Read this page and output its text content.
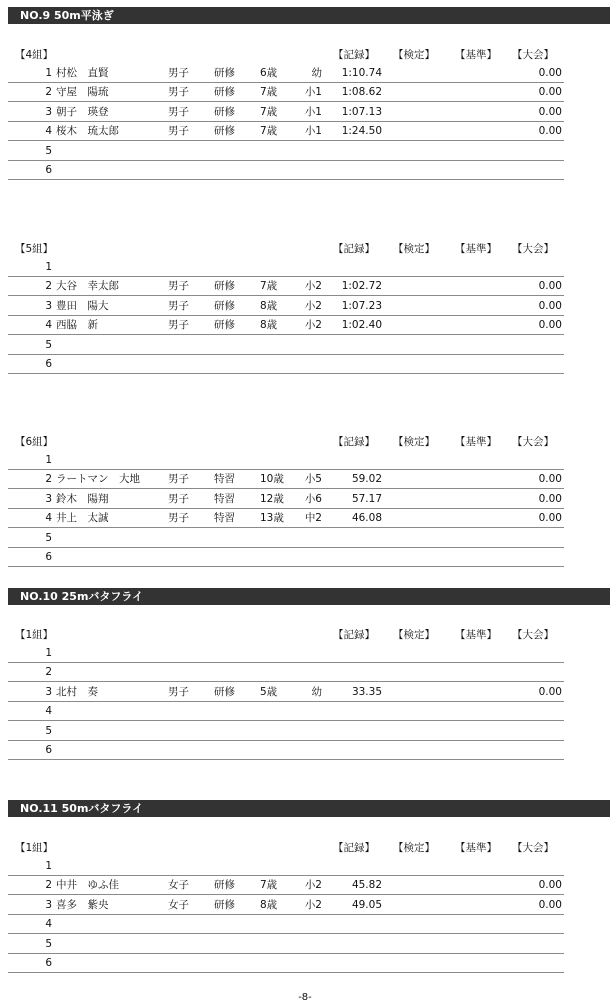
NO.9 50m平泳ぎ
【4組】	【記録】 【検定】 【基準】 【大会】
1 村松　直賢	男子 研修 6歳	幼	1:10.74	0.00
2 守屋　陽琉	男子 研修 7歳	小1	1:08.62	0.00
3 朝子　瑛登	男子 研修 7歳	小1	1:07.13	0.00
4 桜木　琉太郎	男子 研修 7歳	小1	1:24.50	0.00
5
6
【5組】	【記録】 【検定】 【基準】 【大会】
1
2 大谷　幸太郎	男子 研修 7歳	小2	1:02.72	0.00
3 豊田　陽大	男子 研修 8歳	小2	1:07.23	0.00
4 西脇　新	男子 研修 8歳	小2	1:02.40	0.00
5
6
【6組】	【記録】 【検定】 【基準】 【大会】
1
2 ラートマン　大地	男子 特習 10歳	小5	59.02	0.00
3 鈴木　陽翔	男子 特習 12歳	小6	57.17	0.00
4 井上　太誠	男子 特習 13歳	中2	46.08	0.00
5
6
NO.10 25mバタフライ
【1組】	【記録】 【検定】 【基準】 【大会】
1
2
3 北村　奏	男子 研修 5歳	幼	33.35	0.00
4
5
6
NO.11 50mバタフライ
【1組】	【記録】 【検定】 【基準】 【大会】
1
2 中井　ゆふ佳	女子 研修 7歳	小2	45.82	0.00
3 喜多　紫央	女子 研修 8歳	小2	49.05	0.00
4
5
6
-8-
